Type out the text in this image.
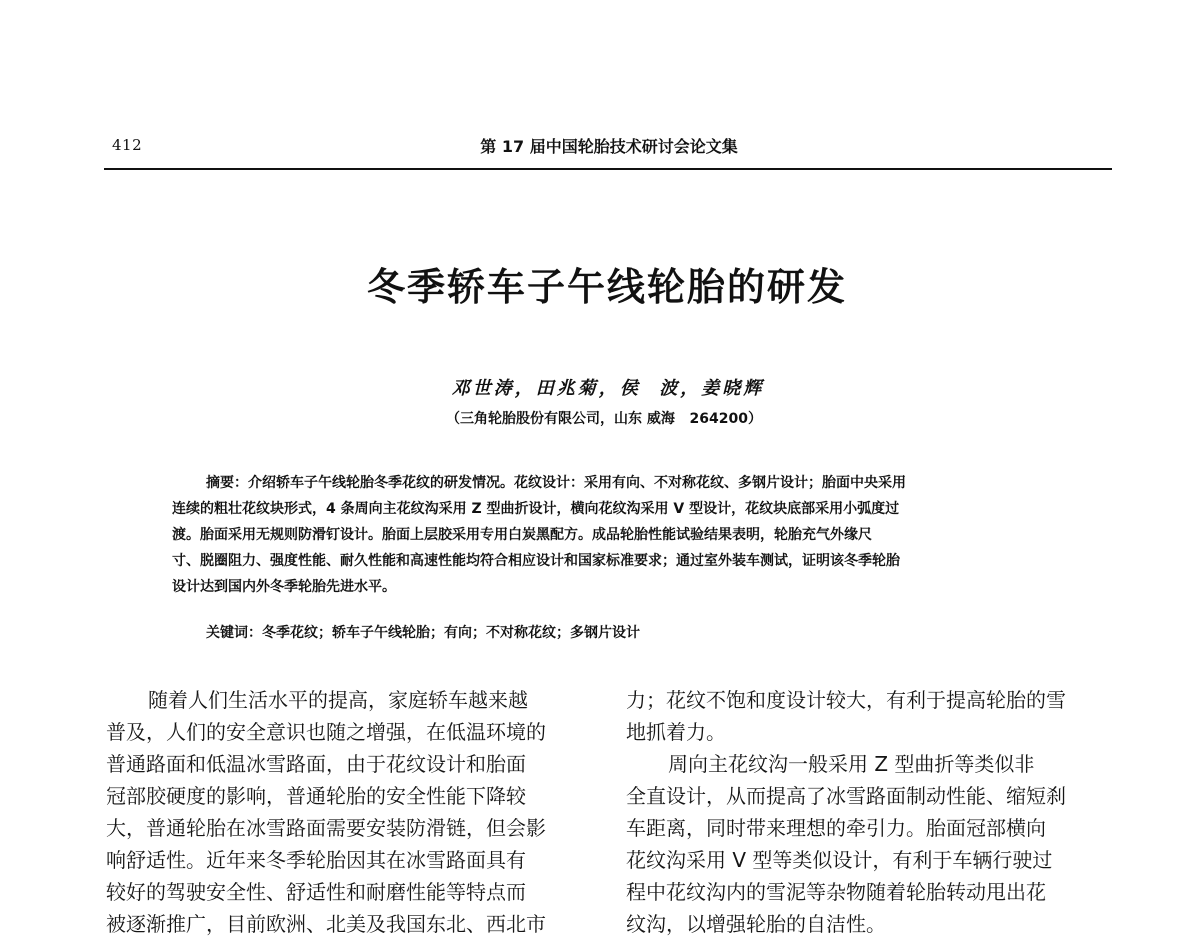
412	第 17 届中国轮胎技术研讨会论文集
冬季轿车子午线轮胎的研发
邓世涛，田兆菊，侯  波，姜晓辉
（三角轮胎股份有限公司，山东 威海   264200）
摘要：介绍轿车子午线轮胎冬季花纹的研发情况。花纹设计：采用有向、不对称花纹、多钢片设计；胎面中央采用
连续的粗壮花纹块形式，4 条周向主花纹沟采用 Z 型曲折设计，横向花纹沟采用 V 型设计，花纹块底部采用小弧度过
渡。胎面采用无规则防滑钉设计。胎面上层胶采用专用白炭黑配方。成品轮胎性能试验结果表明，轮胎充气外缘尺
寸、脱圈阻力、强度性能、耐久性能和高速性能均符合相应设计和国家标准要求；通过室外装车测试，证明该冬季轮胎
设计达到国内外冬季轮胎先进水平。
关键词：冬季花纹；轿车子午线轮胎；有向；不对称花纹；多钢片设计
随着人们生活水平的提高，家庭轿车越来越
普及，人们的安全意识也随之增强，在低温环境的
普通路面和低温冰雪路面，由于花纹设计和胎面
冠部胶硬度的影响，普通轮胎的安全性能下降较
大，普通轮胎在冰雪路面需要安装防滑链，但会影
响舒适性。近年来冬季轮胎因其在冰雪路面具有
较好的驾驶安全性、舒适性和耐磨性能等特点而
被逐渐推广，目前欧洲、北美及我国东北、西北市
力；花纹不饱和度设计较大，有利于提高轮胎的雪
地抓着力。
周向主花纹沟一般采用 Z 型曲折等类似非
全直设计，从而提高了冰雪路面制动性能、缩短刹
车距离，同时带来理想的牵引力。胎面冠部横向
花纹沟采用 V 型等类似设计，有利于车辆行驶过
程中花纹沟内的雪泥等杂物随着轮胎转动甩出花
纹沟，以增强轮胎的自洁性。
